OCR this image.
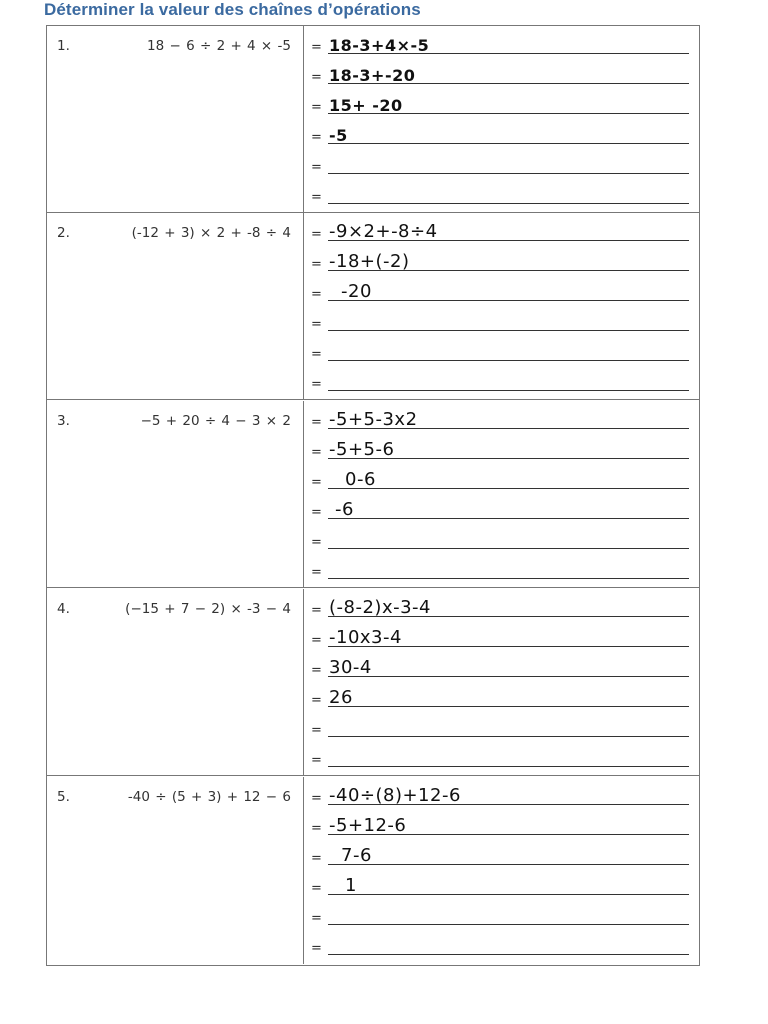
Déterminer la valeur des chaînes d’opérations
1.	18 − 6 ÷ 2 + 4 × -5 = 18-3+4×-5
= 18-3+-20
= 15+ -20
= -5
=
=
2.	(-12 + 3) × 2 + -8 ÷ 4 = -9×2+-8÷4
= -18+(-2)
= -20
=
=
=
3.	−5 + 20 ÷ 4 − 3 × 2 = -5+5-3x2
= -5+5-6
= 0-6
= -6
=
=
4.	(−15 + 7 − 2) × -3 − 4 = (-8-2)x-3-4
= -10x3-4
= 30-4
= 26
=
=
5.	-40 ÷ (5 + 3) + 12 − 6 = -40÷(8)+12-6
= -5+12-6
= 7-6
= 1
=
=
